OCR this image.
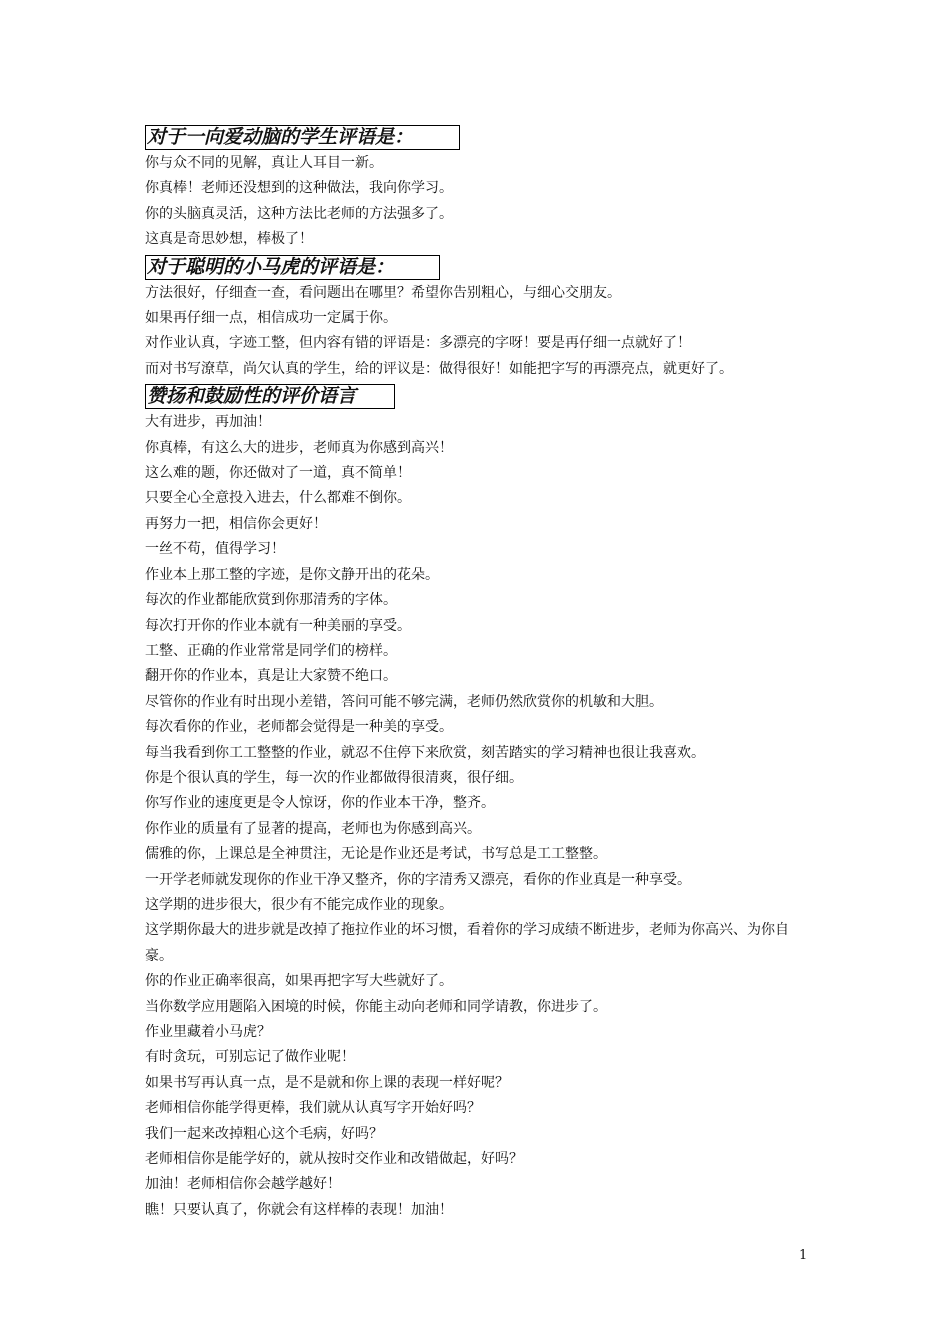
对于一向爱动脑的学生评语是：
你与众不同的见解，真让人耳目一新。
你真棒！老师还没想到的这种做法，我向你学习。
你的头脑真灵活，这种方法比老师的方法强多了。
这真是奇思妙想，棒极了！
对于聪明的小马虎的评语是：
方法很好，仔细查一查，看问题出在哪里？希望你告别粗心，与细心交朋友。
如果再仔细一点，相信成功一定属于你。
对作业认真，字迹工整，但内容有错的评语是：多漂亮的字呀！要是再仔细一点就好了！
而对书写潦草，尚欠认真的学生，给的评议是：做得很好！如能把字写的再漂亮点，就更好了。
赞扬和鼓励性的评价语言
大有进步，再加油！
你真棒，有这么大的进步，老师真为你感到高兴！
这么难的题，你还做对了一道，真不简单！
只要全心全意投入进去，什么都难不倒你。
再努力一把，相信你会更好！
一丝不苟，值得学习！
作业本上那工整的字迹，是你文静开出的花朵。
每次的作业都能欣赏到你那清秀的字体。
每次打开你的作业本就有一种美丽的享受。
工整、正确的作业常常是同学们的榜样。
翻开你的作业本，真是让大家赞不绝口。
尽管你的作业有时出现小差错，答问可能不够完满，老师仍然欣赏你的机敏和大胆。
每次看你的作业，老师都会觉得是一种美的享受。
每当我看到你工工整整的作业，就忍不住停下来欣赏，刻苦踏实的学习精神也很让我喜欢。
你是个很认真的学生，每一次的作业都做得很清爽，很仔细。
你写作业的速度更是令人惊讶，你的作业本干净，整齐。
你作业的质量有了显著的提高，老师也为你感到高兴。
儒雅的你，上课总是全神贯注，无论是作业还是考试，书写总是工工整整。
一开学老师就发现你的作业干净又整齐，你的字清秀又漂亮，看你的作业真是一种享受。
这学期的进步很大，很少有不能完成作业的现象。
这学期你最大的进步就是改掉了拖拉作业的坏习惯，看着你的学习成绩不断进步，老师为你高兴、为你自豪。
你的作业正确率很高，如果再把字写大些就好了。
当你数学应用题陷入困境的时候，你能主动向老师和同学请教，你进步了。
作业里藏着小马虎？
有时贪玩，可别忘记了做作业呢！
如果书写再认真一点，是不是就和你上课的表现一样好呢？
老师相信你能学得更棒，我们就从认真写字开始好吗？
我们一起来改掉粗心这个毛病，好吗？
老师相信你是能学好的，就从按时交作业和改错做起，好吗？
加油！老师相信你会越学越好！
瞧！只要认真了，你就会有这样棒的表现！加油！
1
